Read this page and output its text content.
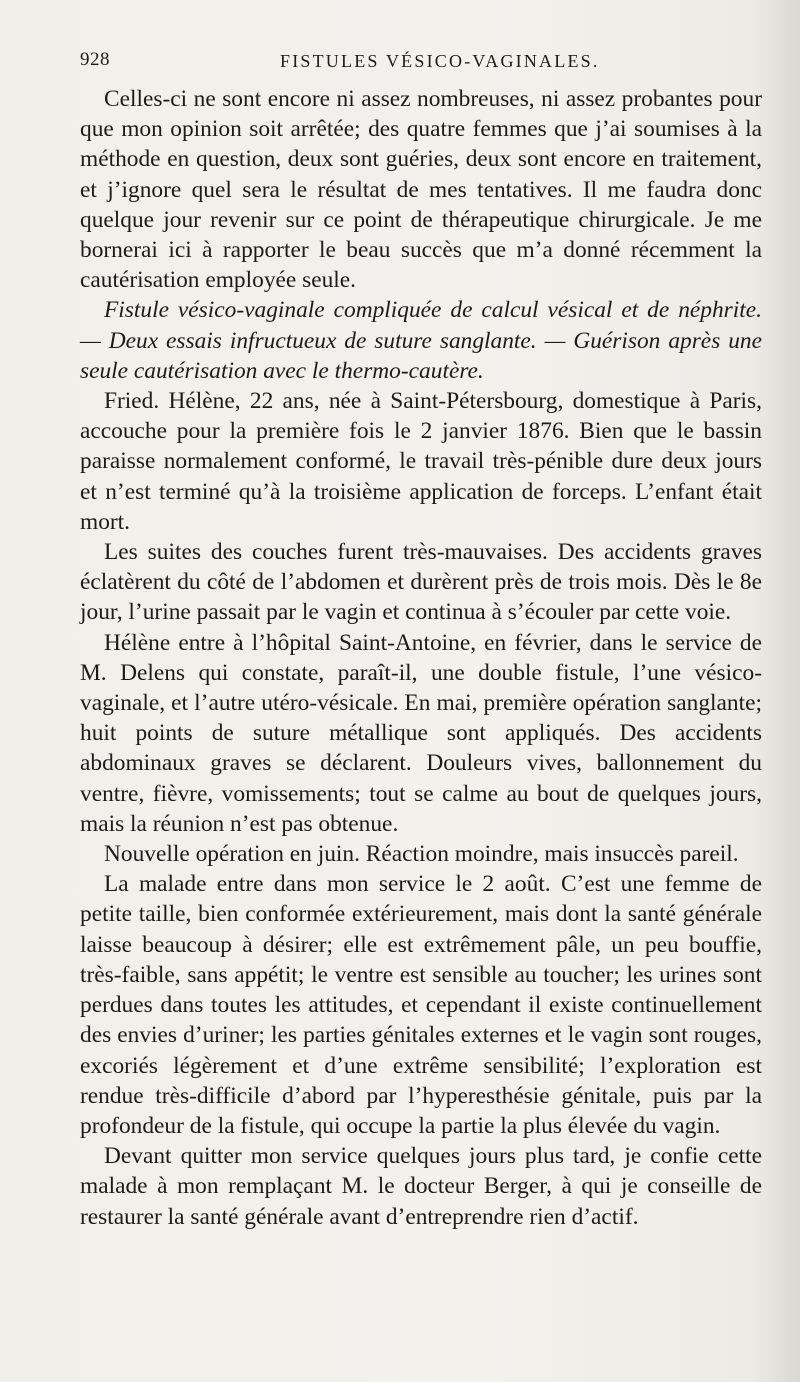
928	FISTULES VÉSICO-VAGINALES.

Celles-ci ne sont encore ni assez nombreuses, ni assez probantes pour que mon opinion soit arrêtée; des quatre femmes que j’ai soumises à la méthode en question, deux sont guéries, deux sont encore en traitement, et j’ignore quel sera le résultat de mes tentatives. Il me faudra donc quelque jour revenir sur ce point de thérapeutique chirurgicale. Je me bornerai ici à rapporter le beau succès que m’a donné récemment la cautérisation employée seule.

Fistule vésico-vaginale compliquée de calcul vésical et de néphrite. — Deux essais infructueux de suture sanglante. — Guérison après une seule cautérisation avec le thermo-cautère.

Fried. Hélène, 22 ans, née à Saint-Pétersbourg, domestique à Paris, accouche pour la première fois le 2 janvier 1876. Bien que le bassin paraisse normalement conformé, le travail très-pénible dure deux jours et n’est terminé qu’à la troisième application de forceps. L’enfant était mort.

Les suites des couches furent très-mauvaises. Des accidents graves éclatèrent du côté de l’abdomen et durèrent près de trois mois. Dès le 8e jour, l’urine passait par le vagin et continua à s’écouler par cette voie.

Hélène entre à l’hôpital Saint-Antoine, en février, dans le service de M. Delens qui constate, paraît-il, une double fistule, l’une vésico-vaginale, et l’autre utéro-vésicale. En mai, première opération sanglante; huit points de suture métallique sont appliqués. Des accidents abdominaux graves se déclarent. Douleurs vives, ballonnement du ventre, fièvre, vomissements; tout se calme au bout de quelques jours, mais la réunion n’est pas obtenue.

Nouvelle opération en juin. Réaction moindre, mais insuccès pareil.

La malade entre dans mon service le 2 août. C’est une femme de petite taille, bien conformée extérieurement, mais dont la santé générale laisse beaucoup à désirer; elle est extrêmement pâle, un peu bouffie, très-faible, sans appétit; le ventre est sensible au toucher; les urines sont perdues dans toutes les attitudes, et cependant il existe continuellement des envies d’uriner; les parties génitales externes et le vagin sont rouges, excoriés légèrement et d’une extrême sensibilité; l’exploration est rendue très-difficile d’abord par l’hyperesthésie génitale, puis par la profondeur de la fistule, qui occupe la partie la plus élevée du vagin.

Devant quitter mon service quelques jours plus tard, je confie cette malade à mon remplaçant M. le docteur Berger, à qui je conseille de restaurer la santé générale avant d’entreprendre rien d’actif.
